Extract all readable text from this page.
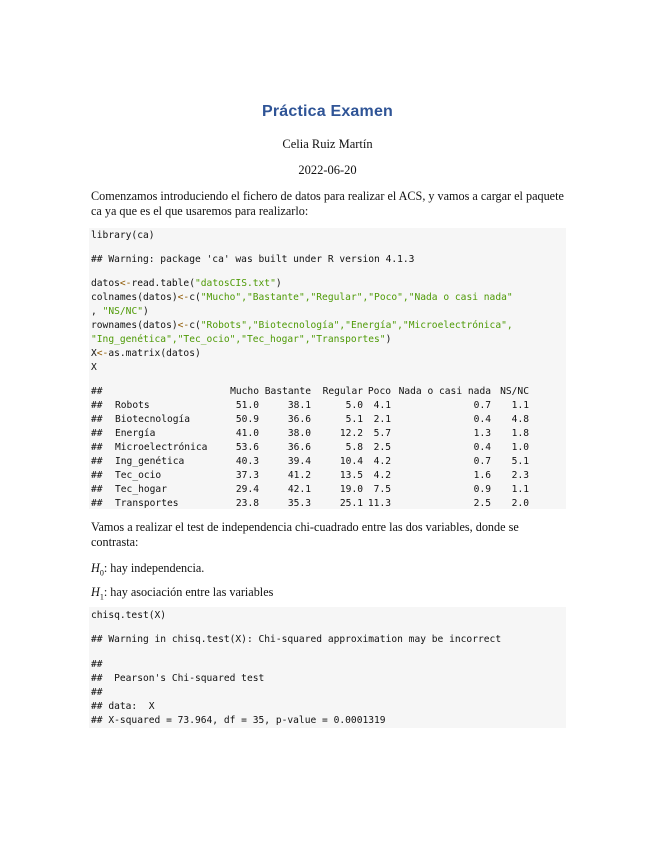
Práctica Examen
Celia Ruiz Martín
2022-06-20
Comenzamos introduciendo el fichero de datos para realizar el ACS, y vamos a cargar el paquete ca ya que es el que usaremos para realizarlo:
library(ca)
## Warning: package 'ca' was built under R version 4.1.3
datos<-read.table("datosCIS.txt")
colnames(datos)<-c("Mucho","Bastante","Regular","Poco","Nada o casi nada"
, "NS/NC")
rownames(datos)<-c("Robots","Biotecnología","Energía","Microelectrónica",
"Ing_genética","Tec_ocio","Tec_hogar","Transportes")
X<-as.matrix(datos)
X
##		Mucho	Bastante	Regular	Poco	Nada o casi nada	NS/NC
##	Robots	51.0	38.1	5.0	4.1	0.7	1.1
##	Biotecnología	50.9	36.6	5.1	2.1	0.4	4.8
##	Energía	41.0	38.0	12.2	5.7	1.3	1.8
##	Microelectrónica	53.6	36.6	5.8	2.5	0.4	1.0
##	Ing_genética	40.3	39.4	10.4	4.2	0.7	5.1
##	Tec_ocio	37.3	41.2	13.5	4.2	1.6	2.3
##	Tec_hogar	29.4	42.1	19.0	7.5	0.9	1.1
##	Transportes	23.8	35.3	25.1	11.3	2.5	2.0
Vamos a realizar el test de independencia chi-cuadrado entre las dos variables, donde se contrasta:
$H_0$: hay independencia.
$H_1$: hay asociación entre las variables
chisq.test(X)
## Warning in chisq.test(X): Chi-squared approximation may be incorrect
##
##  Pearson's Chi-squared test
##
## data:  X
## X-squared = 73.964, df = 35, p-value = 0.0001319
